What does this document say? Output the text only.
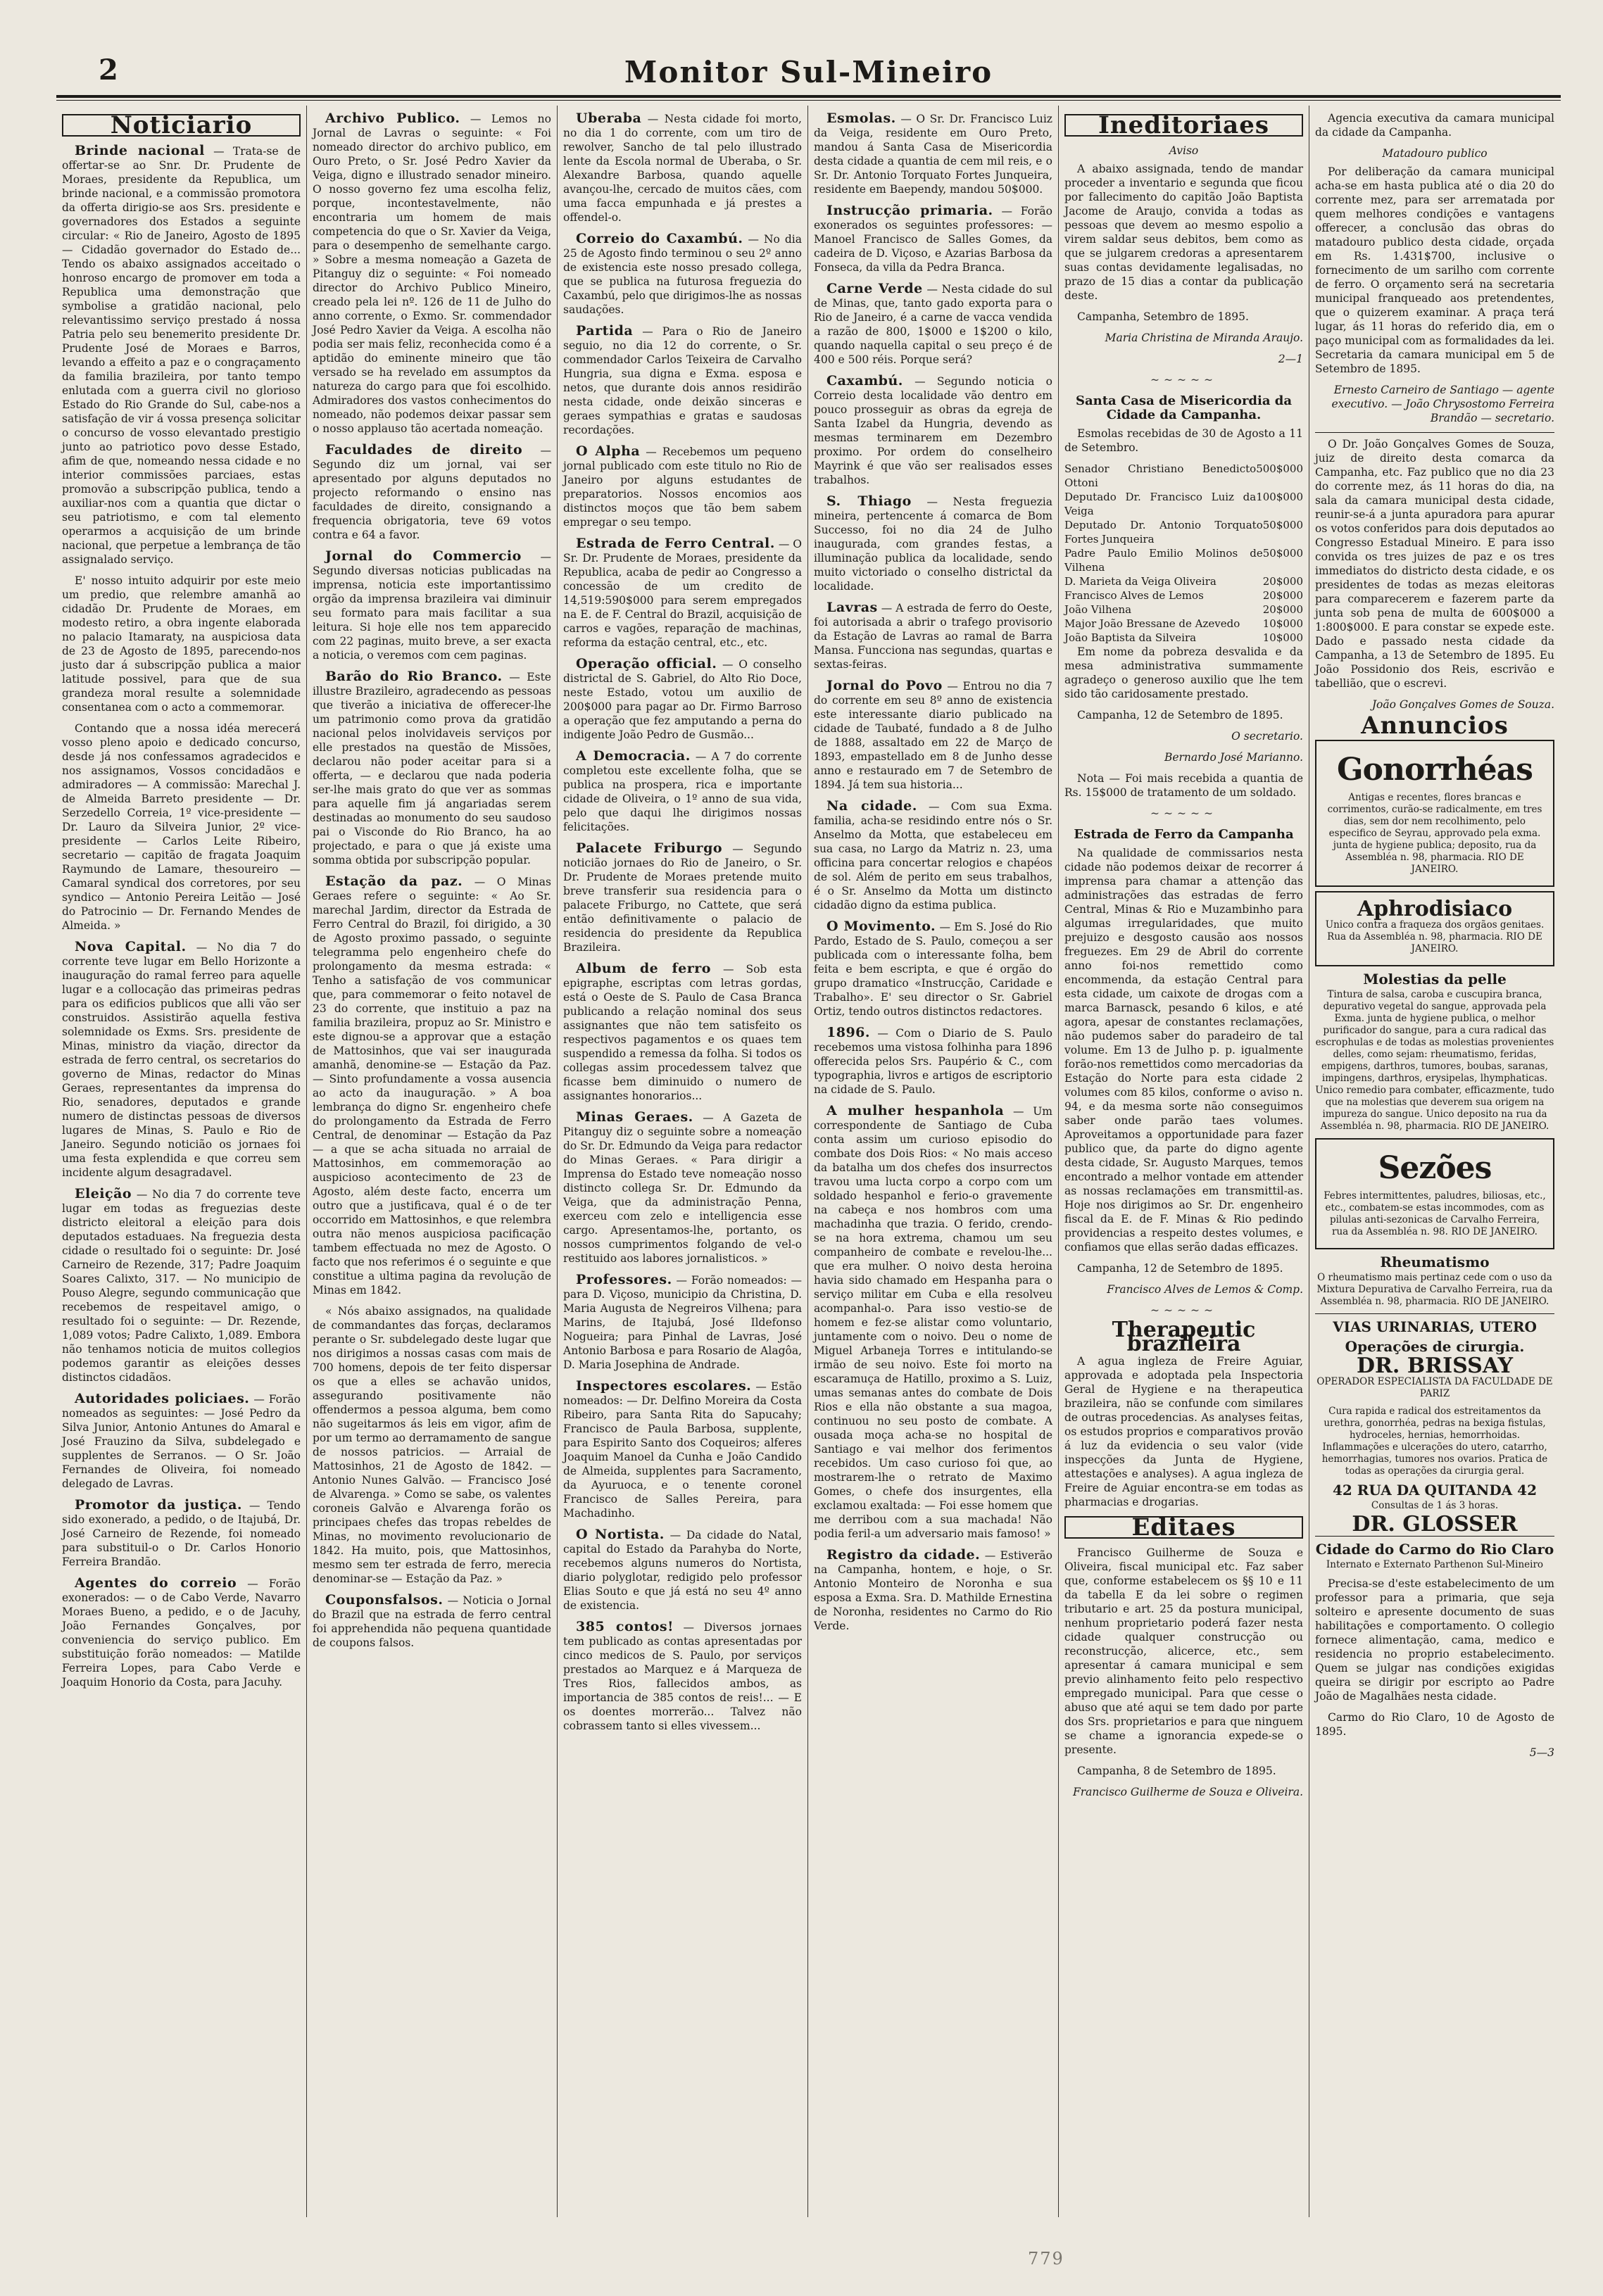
2	Monitor Sul-Mineiro
Noticiario

Brinde nacional — Trata-se de offertar-se ao Snr. Dr. Prudente de Moraes, presidente da Republica, um brinde nacional, e a commissão promotora da offerta dirigio-se aos Srs. presidente e governadores dos Estados a seguinte circular: « Rio de Janeiro, Agosto de 1895 — Cidadão governador do Estado de... Tendo os abaixo assignados acceitado o honroso encargo de promover em toda a Republica uma demonstração que symbolise a gratidão nacional, pelo relevantissimo serviço prestado á nossa Patria pelo seu benemerito presidente Dr. Prudente José de Moraes e Barros, levando a effeito a paz e o congraçamento da familia brazileira, por tanto tempo enlutada com a guerra civil no glorioso Estado do Rio Grande do Sul, cabe-nos a satisfação de vir á vossa presença solicitar o concurso de vosso elevantado prestigio junto ao patriotico povo desse Estado, afim de que, nomeando nessa cidade e no interior commissões parciaes, estas promovão a subscripção publica, tendo a auxiliar-nos com a quantia que dictar o seu patriotismo, e com tal elemento operarmos a acquisição de um brinde nacional, que perpetue a lembrança de tão assignalado serviço.

E' nosso intuito adquirir por este meio um predio, que relembre amanhã ao cidadão Dr. Prudente de Moraes, em modesto retiro, a obra ingente elaborada no palacio Itamaraty, na auspiciosa data de 23 de Agosto de 1895, parecendo-nos justo dar á subscripção publica a maior latitude possivel, para que de sua grandeza moral resulte a solemnidade consentanea com o acto a commemorar.

Contando que a nossa idéa merecerá vosso pleno apoio e dedicado concurso, desde já nos confessamos agradecidos e nos assignamos, Vossos concidadãos e admiradores — A commissão: Marechal J. de Almeida Barreto presidente — Dr. Serzedello Correia, 1º vice-presidente — Dr. Lauro da Silveira Junior, 2º vice-presidente — Carlos Leite Ribeiro, secretario — capitão de fragata Joaquim Raymundo de Lamare, thesoureiro — Camaral syndical dos corretores, por seu syndico — Antonio Pereira Leitão — José do Patrocinio — Dr. Fernando Mendes de Almeida. »

Nova Capital. — No dia 7 do corrente teve lugar em Bello Horizonte a inauguração do ramal ferreo para aquelle lugar e a collocação das primeiras pedras para os edificios publicos que alli vão ser construidos. Assistirão aquella festiva solemnidade os Exms. Srs. presidente de Minas, ministro da viação, director da estrada de ferro central, os secretarios do governo de Minas, redactor do Minas Geraes, representantes da imprensa do Rio, senadores, deputados e grande numero de distinctas pessoas de diversos lugares de Minas, S. Paulo e Rio de Janeiro. Segundo noticião os jornaes foi uma festa explendida e que correu sem incidente algum desagradavel.

Eleição — No dia 7 do corrente teve lugar em todas as freguezias deste districto eleitoral a eleição para dois deputados estaduaes. Na freguezia desta cidade o resultado foi o seguinte: Dr. José Carneiro de Rezende, 317; Padre Joaquim Soares Calixto, 317. — No municipio de Pouso Alegre, segundo communicação que recebemos de respeitavel amigo, o resultado foi o seguinte: — Dr. Rezende, 1,089 votos; Padre Calixto, 1,089. Embora não tenhamos noticia de muitos collegios podemos garantir as eleições desses distinctos cidadãos.

Autoridades policiaes. — Forão nomeados as seguintes: — José Pedro da Silva Junior, Antonio Antunes do Amaral e José Frauzino da Silva, subdelegado e supplentes de Serranos. — O Sr. João Fernandes de Oliveira, foi nomeado delegado de Lavras.

Promotor da justiça. — Tendo sido exonerado, a pedido, o de Itajubá, Dr. José Carneiro de Rezende, foi nomeado para substituil-o o Dr. Carlos Honorio Ferreira Brandão.

Agentes do correio — Forão exonerados: — o de Cabo Verde, Navarro Moraes Bueno, a pedido, e o de Jacuhy, João Fernandes Gonçalves, por conveniencia do serviço publico. Em substituição forão nomeados: — Matilde Ferreira Lopes, para Cabo Verde e Joaquim Honorio da Costa, para Jacuhy.

Archivo Publico. — Lemos no Jornal de Lavras o seguinte: « Foi nomeado director do archivo publico, em Ouro Preto, o Sr. José Pedro Xavier da Veiga, digno e illustrado senador mineiro. O nosso governo fez uma escolha feliz, porque, incontestavelmente, não encontraria um homem de mais competencia do que o Sr. Xavier da Veiga, para o desempenho de semelhante cargo. » Sobre a mesma nomeação a Gazeta de Pitanguy diz o seguinte: « Foi nomeado director do Archivo Publico Mineiro, creado pela lei nº. 126 de 11 de Julho do anno corrente, o Exmo. Sr. commendador José Pedro Xavier da Veiga. A escolha não podia ser mais feliz, reconhecida como é a aptidão do eminente mineiro que tão versado se ha revelado em assumptos da natureza do cargo para que foi escolhido. Admiradores dos vastos conhecimentos do nomeado, não podemos deixar passar sem o nosso applauso tão acertada nomeação.

Faculdades de direito — Segundo diz um jornal, vai ser apresentado por alguns deputados no projecto reformando o ensino nas faculdades de direito, consignando a frequencia obrigatoria, teve 69 votos contra e 64 a favor.

Jornal do Commercio — Segundo diversas noticias publicadas na imprensa, noticia este importantissimo orgão da imprensa brazileira vai diminuir seu formato para mais facilitar a sua leitura. Si hoje elle nos tem apparecido com 22 paginas, muito breve, a ser exacta a noticia, o veremos com cem paginas.

Barão do Rio Branco. — Este illustre Brazileiro, agradecendo as pessoas que tiverão a iniciativa de offerecer-lhe um patrimonio como prova da gratidão nacional pelos inolvidaveis serviços por elle prestados na questão de Missões, declarou não poder aceitar para si a offerta, — e declarou que nada poderia ser-lhe mais grato do que ver as sommas para aquelle fim já angariadas serem destinadas ao monumento do seu saudoso pai o Visconde do Rio Branco, ha ao projectado, e para o que já existe uma somma obtida por subscripção popular.

Estação da paz. — O Minas Geraes refere o seguinte: « Ao Sr. marechal Jardim, director da Estrada de Ferro Central do Brazil, foi dirigido, a 30 de Agosto proximo passado, o seguinte telegramma pelo engenheiro chefe do prolongamento da mesma estrada: « Tenho a satisfação de vos communicar que, para commemorar o feito notavel de 23 do corrente, que instituio a paz na familia brazileira, propuz ao Sr. Ministro e este dignou-se a approvar que a estação de Mattosinhos, que vai ser inaugurada amanhã, denomine-se — Estação da Paz. — Sinto profundamente a vossa ausencia ao acto da inauguração. » A boa lembrança do digno Sr. engenheiro chefe do prolongamento da Estrada de Ferro Central, de denominar — Estação da Paz — a que se acha situada no arraial de Mattosinhos, em commemoração ao auspicioso acontecimento de 23 de Agosto, além deste facto, encerra um outro que a justificava, qual é o de ter occorrido em Mattosinhos, e que relembra outra não menos auspiciosa pacificação tambem effectuada no mez de Agosto. O facto que nos referimos é o seguinte e que constitue a ultima pagina da revolução de Minas em 1842.

« Nós abaixo assignados, na qualidade de commandantes das forças, declaramos perante o Sr. subdelegado deste lugar que nos dirigimos a nossas casas com mais de 700 homens, depois de ter feito dispersar os que a elles se achavão unidos, assegurando positivamente não offendermos a pessoa alguma, bem como não sugeitarmos ás leis em vigor, afim de por um termo ao derramamento de sangue de nossos patricios. — Arraial de Mattosinhos, 21 de Agosto de 1842. — Antonio Nunes Galvão. — Francisco José de Alvarenga. » Como se sabe, os valentes coroneis Galvão e Alvarenga forão os principaes chefes das tropas rebeldes de Minas, no movimento revolucionario de 1842. Ha muito, pois, que Mattosinhos, mesmo sem ter estrada de ferro, merecia denominar-se — Estação da Paz. »

Couponsfalsos. — Noticia o Jornal do Brazil que na estrada de ferro central foi apprehendida não pequena quantidade de coupons falsos.

Uberaba — Nesta cidade foi morto, no dia 1 do corrente, com um tiro de rewolver, Sancho de tal pelo illustrado lente da Escola normal de Uberaba, o Sr. Alexandre Barbosa, quando aquelle avançou-lhe, cercado de muitos cães, com uma facca empunhada e já prestes a offendel-o.

Correio do Caxambú. — No dia 25 de Agosto findo terminou o seu 2º anno de existencia este nosso presado collega, que se publica na futurosa freguezia do Caxambú, pelo que dirigimos-lhe as nossas saudações.

Partida — Para o Rio de Janeiro seguio, no dia 12 do corrente, o Sr. commendador Carlos Teixeira de Carvalho Hungria, sua digna e Exma. esposa e netos, que durante dois annos residirão nesta cidade, onde deixão sinceras e geraes sympathias e gratas e saudosas recordações.

O Alpha — Recebemos um pequeno jornal publicado com este titulo no Rio de Janeiro por alguns estudantes de preparatorios. Nossos encomios aos distinctos moços que tão bem sabem empregar o seu tempo.

Estrada de Ferro Central. — O Sr. Dr. Prudente de Moraes, presidente da Republica, acaba de pedir ao Congresso a concessão de um credito de 14,519:590$000 para serem empregados na E. de F. Central do Brazil, acquisição de carros e vagões, reparação de machinas, reforma da estação central, etc., etc.

Operação official. — O conselho districtal de S. Gabriel, do Alto Rio Doce, neste Estado, votou um auxilio de 200$000 para pagar ao Dr. Firmo Barroso a operação que fez amputando a perna do indigente João Pedro de Gusmão...

A Democracia. — A 7 do corrente completou este excellente folha, que se publica na prospera, rica e importante cidade de Oliveira, o 1º anno de sua vida, pelo que daqui lhe dirigimos nossas felicitações.

Palacete Friburgo — Segundo noticião jornaes do Rio de Janeiro, o Sr. Dr. Prudente de Moraes pretende muito breve transferir sua residencia para o palacete Friburgo, no Cattete, que será então definitivamente o palacio de residencia do presidente da Republica Brazileira.

Album de ferro — Sob esta epigraphe, escriptas com letras gordas, está o Oeste de S. Paulo de Casa Branca publicando a relação nominal dos seus assignantes que não tem satisfeito os respectivos pagamentos e os quaes tem suspendido a remessa da folha. Si todos os collegas assim procedessem talvez que ficasse bem diminuido o numero de assignantes honorarios...

Minas Geraes. — A Gazeta de Pitanguy diz o seguinte sobre a nomeação do Sr. Dr. Edmundo da Veiga para redactor do Minas Geraes. « Para dirigir a Imprensa do Estado teve nomeação nosso distincto collega Sr. Dr. Edmundo da Veiga, que da administração Penna, exerceu com zelo e intelligencia esse cargo. Apresentamos-lhe, portanto, os nossos cumprimentos folgando de vel-o restituido aos labores jornalisticos. »

Professores. — Forão nomeados: — para D. Viçoso, municipio da Christina, D. Maria Augusta de Negreiros Vilhena; para Marins, de Itajubá, José Ildefonso Nogueira; para Pinhal de Lavras, José Antonio Barbosa e para Rosario de Alagôa, D. Maria Josephina de Andrade.

Inspectores escolares. — Estão nomeados: — Dr. Delfino Moreira da Costa Ribeiro, para Santa Rita do Sapucahy; Francisco de Paula Barbosa, supplente, para Espirito Santo dos Coqueiros; alferes Joaquim Manoel da Cunha e João Candido de Almeida, supplentes para Sacramento, da Ayuruoca, e o tenente coronel Francisco de Salles Pereira, para Machadinho.

O Nortista. — Da cidade do Natal, capital do Estado da Parahyba do Norte, recebemos alguns numeros do Nortista, diario polyglotar, redigido pelo professor Elias Souto e que já está no seu 4º anno de existencia.

385 contos! — Diversos jornaes tem publicado as contas apresentadas por cinco medicos de S. Paulo, por serviços prestados ao Marquez e á Marqueza de Tres Rios, fallecidos ambos, as importancia de 385 contos de reis!... — E os doentes morrerão... Talvez não cobrassem tanto si elles vivessem...

Esmolas. — O Sr. Dr. Francisco Luiz da Veiga, residente em Ouro Preto, mandou á Santa Casa de Misericordia desta cidade a quantia de cem mil reis, e o Sr. Dr. Antonio Torquato Fortes Junqueira, residente em Baependy, mandou 50$000.

Instrucção primaria. — Forão exonerados os seguintes professores: — Manoel Francisco de Salles Gomes, da cadeira de D. Viçoso, e Azarias Barbosa da Fonseca, da villa da Pedra Branca.

Carne Verde — Nesta cidade do sul de Minas, que, tanto gado exporta para o Rio de Janeiro, é a carne de vacca vendida a razão de 800, 1$000 e 1$200 o kilo, quando naquella capital o seu preço é de 400 e 500 réis. Porque será?

Caxambú. — Segundo noticia o Correio desta localidade vão dentro em pouco prosseguir as obras da egreja de Santa Izabel da Hungria, devendo as mesmas terminarem em Dezembro proximo. Por ordem do conselheiro Mayrink é que vão ser realisados esses trabalhos.

S. Thiago — Nesta freguezia mineira, pertencente á comarca de Bom Successo, foi no dia 24 de Julho inaugurada, com grandes festas, a illuminação publica da localidade, sendo muito victoriado o conselho districtal da localidade.

Lavras — A estrada de ferro do Oeste, foi autorisada a abrir o trafego provisorio da Estação de Lavras ao ramal de Barra Mansa. Funcciona nas segundas, quartas e sextas-feiras.

Jornal do Povo — Entrou no dia 7 do corrente em seu 8º anno de existencia este interessante diario publicado na cidade de Taubaté, fundado a 8 de Julho de 1888, assaltado em 22 de Março de 1893, empastellado em 8 de Junho desse anno e restaurado em 7 de Setembro de 1894. Já tem sua historia...

Na cidade. — Com sua Exma. familia, acha-se residindo entre nós o Sr. Anselmo da Motta, que estabeleceu em sua casa, no Largo da Matriz n. 23, uma officina para concertar relogios e chapéos de sol. Além de perito em seus trabalhos, é o Sr. Anselmo da Motta um distincto cidadão digno da estima publica.

O Movimento. — Em S. José do Rio Pardo, Estado de S. Paulo, começou a ser publicada com o interessante folha, bem feita e bem escripta, e que é orgão do grupo dramatico «Instrucção, Caridade e Trabalho». E' seu director o Sr. Gabriel Ortiz, tendo outros distinctos redactores.

1896. — Com o Diario de S. Paulo recebemos uma vistosa folhinha para 1896 offerecida pelos Srs. Paupério & C., com typographia, livros e artigos de escriptorio na cidade de S. Paulo.

A mulher hespanhola — Um correspondente de Santiago de Cuba conta assim um curioso episodio do combate dos Dois Rios: « No mais acceso da batalha um dos chefes dos insurrectos travou uma lucta corpo a corpo com um soldado hespanhol e ferio-o gravemente na cabeça e nos hombros com uma machadinha que trazia. O ferido, crendo-se na hora extrema, chamou um seu companheiro de combate e revelou-lhe... que era mulher. O noivo desta heroina havia sido chamado em Hespanha para o serviço militar em Cuba e ella resolveu acompanhal-o. Para isso vestio-se de homem e fez-se alistar como voluntario, juntamente com o noivo. Deu o nome de Miguel Arbaneja Torres e intitulando-se irmão de seu noivo. Este foi morto na escaramuça de Hatillo, proximo a S. Luiz, umas semanas antes do combate de Dois Rios e ella não obstante a sua magoa, continuou no seu posto de combate. A ousada moça acha-se no hospital de Santiago e vai melhor dos ferimentos recebidos. Um caso curioso foi que, ao mostrarem-lhe o retrato de Maximo Gomes, o chefe dos insurgentes, ella exclamou exaltada: — Foi esse homem que me derribou com a sua machada! Não podia feril-a um adversario mais famoso! »

Registro da cidade. — Estiverão na Campanha, hontem, e hoje, o Sr. Antonio Monteiro de Noronha e sua esposa a Exma. Sra. D. Mathilde Ernestina de Noronha, residentes no Carmo do Rio Verde.

Ineditoriaes
Aviso

A abaixo assignada, tendo de mandar proceder a inventario e segunda que ficou por fallecimento do capitão João Baptista Jacome de Araujo, convida a todas as pessoas que devem ao mesmo espolio a virem saldar seus debitos, bem como as que se julgarem credoras a apresentarem suas contas devidamente legalisadas, no prazo de 15 dias a contar da publicação deste.

Campanha, Setembro de 1895.

Maria Christina de Miranda Araujo.
2—1
~~~~~
Santa Casa de Misericordia da Cidade da Campanha.

Esmolas recebidas de 30 de Agosto a 11 de Setembro.

Senador Christiano Benedicto Ottoni
500$000
Deputado Dr. Francisco Luiz da Veiga
100$000
Deputado Dr. Antonio Torquato Fortes Junqueira
50$000
Padre Paulo Emilio Molinos de Vilhena
50$000
D. Marieta da Veiga Oliveira	20$000
Francisco Alves de Lemos	20$000
João Vilhena	20$000
Major João Bressane de Azevedo 10$000
João Baptista da Silveira	10$000

Em nome da pobreza desvalida e da mesa administrativa summamente agradeço o generoso auxilio que lhe tem sido tão caridosamente prestado.

Campanha, 12 de Setembro de 1895.

O secretario.
Bernardo José Marianno.

Nota — Foi mais recebida a quantia de Rs. 15$000 de tratamento de um soldado.

~~~~~
Estrada de Ferro da Campanha

Na qualidade de commissarios nesta cidade não podemos deixar de recorrer á imprensa para chamar a attenção das administrações das estradas de ferro Central, Minas & Rio e Muzambinho para algumas irregularidades, que muito prejuizo e desgosto causão aos nossos freguezes. Em 29 de Abril do corrente anno foi-nos remettido como encommenda, da estação Central para esta cidade, um caixote de drogas com a marca Barnasck, pesando 6 kilos, e até agora, apesar de constantes reclamações, não pudemos saber do paradeiro de tal volume. Em 13 de Julho p. p. igualmente forão-nos remettidos como mercadorias da Estação do Norte para esta cidade 2 volumes com 85 kilos, conforme o aviso n. 94, e da mesma sorte não conseguimos saber onde parão taes volumes. Aproveitamos a opportunidade para fazer publico que, da parte do digno agente desta cidade, Sr. Augusto Marques, temos encontrado a melhor vontade em attender as nossas reclamações em transmittil-as. Hoje nos dirigimos ao Sr. Dr. engenheiro fiscal da E. de F. Minas & Rio pedindo providencias a respeito destes volumes, e confiamos que ellas serão dadas efficazes.

Campanha, 12 de Setembro de 1895.

Francisco Alves de Lemos & Comp.
~~~~~
Therapeutic brazileira

A agua ingleza de Freire Aguiar, approvada e adoptada pela Inspectoria Geral de Hygiene e na therapeutica brazileira, não se confunde com similares de outras procedencias. As analyses feitas, os estudos proprios e comparativos provão á luz da evidencia o seu valor (vide inspecções da Junta de Hygiene, attestações e analyses). A agua ingleza de Freire de Aguiar encontra-se em todas as pharmacias e drogarias.

Editaes

Francisco Guilherme de Souza e Oliveira, fiscal municipal etc. Faz saber que, conforme estabelecem os §§ 10 e 11 da tabella E da lei sobre o regimen tributario e art. 25 da postura municipal, nenhum proprietario poderá fazer nesta cidade qualquer construcção ou reconstrucção, alicerce, etc., sem apresentar á camara municipal e sem previo alinhamento feito pelo respectivo empregado municipal. Para que cesse o abuso que até aqui se tem dado por parte dos Srs. proprietarios e para que ninguem se chame a ignorancia expede-se o presente.

Campanha, 8 de Setembro de 1895.

Francisco Guilherme de Souza e Oliveira.

Agencia executiva da camara municipal da cidade da Campanha.

Matadouro publico

Por deliberação da camara municipal acha-se em hasta publica até o dia 20 do corrente mez, para ser arrematada por quem melhores condições e vantagens offerecer, a conclusão das obras do matadouro publico desta cidade, orçada em Rs. 1.431$700, inclusive o fornecimento de um sarilho com corrente de ferro. O orçamento será na secretaria municipal franqueado aos pretendentes, que o quizerem examinar. A praça terá lugar, ás 11 horas do referido dia, em o paço municipal com as formalidades da lei. Secretaria da camara municipal em 5 de Setembro de 1895.

Ernesto Carneiro de Santiago — agente executivo. — João Chrysostomo Ferreira Brandão — secretario.

O Dr. João Gonçalves Gomes de Souza, juiz de direito desta comarca da Campanha, etc. Faz publico que no dia 23 do corrente mez, ás 11 horas do dia, na sala da camara municipal desta cidade, reunir-se-á a junta apuradora para apurar os votos conferidos para dois deputados ao Congresso Estadual Mineiro. E para isso convida os tres juizes de paz e os tres immediatos do districto desta cidade, e os presidentes de todas as mezas eleitoras para comparecerem e fazerem parte da junta sob pena de multa de 600$000 a 1:800$000. E para constar se expede este. Dado e passado nesta cidade da Campanha, a 13 de Setembro de 1895. Eu João Possidonio dos Reis, escrivão e tabellião, que o escrevi.

João Gonçalves Gomes de Souza.
Annuncios
Gonorrhéas
Antigas e recentes, flores brancas e corrimentos, curão-se radicalmente, em tres dias, sem dor nem recolhimento, pelo especifico de Seyrau, approvado pela exma. junta de hygiene publica; deposito, rua da Assembléa n. 98, pharmacia. RIO DE JANEIRO.
Aphrodisiaco
Unico contra a fraqueza dos orgãos genitaes. Rua da Assembléa n. 98, pharmacia. RIO DE JANEIRO.
Molestias da pelle
Tintura de salsa, caroba e cuscupira branca, depurativo vegetal do sangue, approvada pela Exma. junta de hygiene publica, o melhor purificador do sangue, para a cura radical das escrophulas e de todas as molestias provenientes delles, como sejam: rheumatismo, feridas, empigens, darthros, tumores, boubas, saranas, impingens, darthros, erysipelas, lhymphaticas. Unico remedio para combater, efficazmente, tudo que na molestias que deverem sua origem na impureza do sangue. Unico deposito na rua da Assembléa n. 98, pharmacia. RIO DE JANEIRO.
Sezões
Febres intermittentes, paludres, biliosas, etc., etc., combatem-se estas incommodes, com as pilulas anti-sezonicas de Carvalho Ferreira, rua da Assembléa n. 98. RIO DE JANEIRO.
Rheumatismo
O rheumatismo mais pertinaz cede com o uso da Mixtura Depurativa de Carvalho Ferreira, rua da Assembléa n. 98, pharmacia. RIO DE JANEIRO.
VIAS URINARIAS, UTERO
Operações de cirurgia.
DR. BRISSAY
OPERADOR ESPECIALISTA DA FACULDADE DE PARIZ
Cura rapida e radical dos estreitamentos da urethra, gonorrhéa, pedras na bexiga fistulas, hydroceles, hernias, hemorrhoidas. Inflammações e ulcerações do utero, catarrho, hemorrhagias, tumores nos ovarios. Pratica de todas as operações da cirurgia geral.
42 RUA DA QUITANDA 42
Consultas de 1 ás 3 horas.
DR. GLOSSER
Cidade do Carmo do Rio Claro
Internato e Externato Parthenon Sul-Mineiro

Precisa-se d'este estabelecimento de um professor para a primaria, que seja solteiro e apresente documento de suas habilitações e comportamento. O collegio fornece alimentação, cama, medico e residencia no proprio estabelecimento. Quem se julgar nas condições exigidas queira se dirigir por escripto ao Padre João de Magalhães nesta cidade.

Carmo do Rio Claro, 10 de Agosto de 1895.

5—3
779
